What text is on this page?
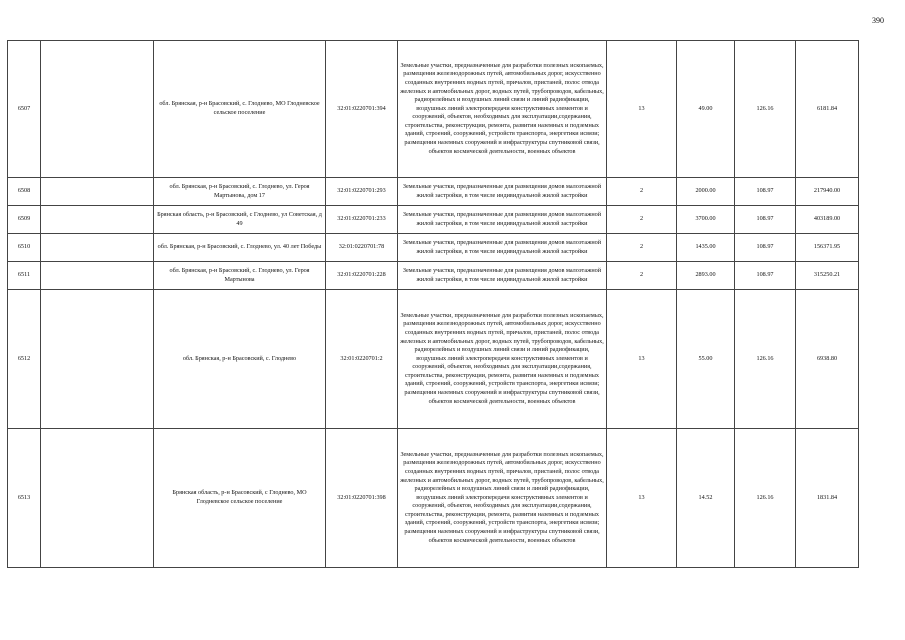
390
6507		обл. Брянская, р-н Брасовский, с. Глоднево, МО Глодневское сельское поселение	32:01:0220701:394	Земельные участки, предназначенные для разработки полезных ископаемых, размещения железнодорожных путей, автомобильных дорог, искусственно созданных внутренних водных путей, причалов, пристаней, полос отвода железных и автомобильных дорог, водных путей, трубопроводов, кабельных, радиорелейных и воздушных линий связи и линий радиофикации, воздушных линий электропередачи конструктивных элементов и сооружений, объектов, необходимых для эксплуатации,содержания, строительства, реконструкции, ремонта, развития наземных и подземных зданий, строений, сооружений, устройств транспорта, энергетики исвязи; размещения наземных сооружений и инфраструктуры спутниковой связи, объектов космической деятельности, военных объектов	13	49.00	126.16	6181.84
6508		обл. Брянская, р-н Брасовский, с. Глоднево, ул. Героя Мартынова, дом 17	32:01:0220701:293	Земельные участки, предназначенные для размещения домов малоэтажной жилой застройки, в том числе индивидуальной жилой застройки	2	2000.00	108.97	217940.00
6509		Брянская область, р-н Брасовский, с Глоднево, ул Советская, д 49	32:01:0220701:233	Земельные участки, предназначенные для размещения домов малоэтажной жилой застройки, в том числе индивидуальной жилой застройки	2	3700.00	108.97	403189.00
6510		обл. Брянская, р-н Брасовский, с. Глоднево, ул. 40 лет Победы	32:01:0220701:78	Земельные участки, предназначенные для размещения домов малоэтажной жилой застройки, в том числе индивидуальной жилой застройки	2	1435.00	108.97	156371.95
6511		обл. Брянская, р-н Брасовский, с. Глоднево, ул. Героя Мартынова	32:01:0220701:228	Земельные участки, предназначенные для размещения домов малоэтажной жилой застройки, в том числе индивидуальной жилой застройки	2	2893.00	108.97	315250.21
6512		обл. Брянская, р-н Брасовский, с. Глодневo	32:01:0220701:2	Земельные участки, предназначенные для разработки полезных ископаемых, размещения железнодорожных путей, автомобильных дорог, искусственно созданных внутренних водных путей, причалов, пристаней, полос отвода железных и автомобильных дорог, водных путей, трубопроводов, кабельных, радиорелейных и воздушных линий связи и линий радиофикации, воздушных линий электропередачи конструктивных элементов и сооружений, объектов, необходимых для эксплуатации,содержания, строительства, реконструкции, ремонта, развития наземных и подземных зданий, строений, сооружений, устройств транспорта, энергетики исвязи; размещения наземных сооружений и инфраструктуры спутниковой связи, объектов космической деятельности, военных объектов	13	55.00	126.16	6938.80
6513		Брянская область, р-н Брасовский, с Глоднево, МО Глодневское сельское поселение	32:01:0220701:398	Земельные участки, предназначенные для разработки полезных ископаемых, размещения железнодорожных путей, автомобильных дорог, искусственно созданных внутренних водных путей, причалов, пристаней, полос отвода железных и автомобильных дорог, водных путей, трубопроводов, кабельных, радиорелейных и воздушных линий связи и линий радиофикации, воздушных линий электропередачи конструктивных элементов и сооружений, объектов, необходимых для эксплуатации,содержания, строительства, реконструкции, ремонта, развития наземных и подземных зданий, строений, сооружений, устройств транспорта, энергетики исвязи; размещения наземных сооружений и инфраструктуры спутниковой связи, объектов космической деятельности, военных объектов	13	14.52	126.16	1831.84
